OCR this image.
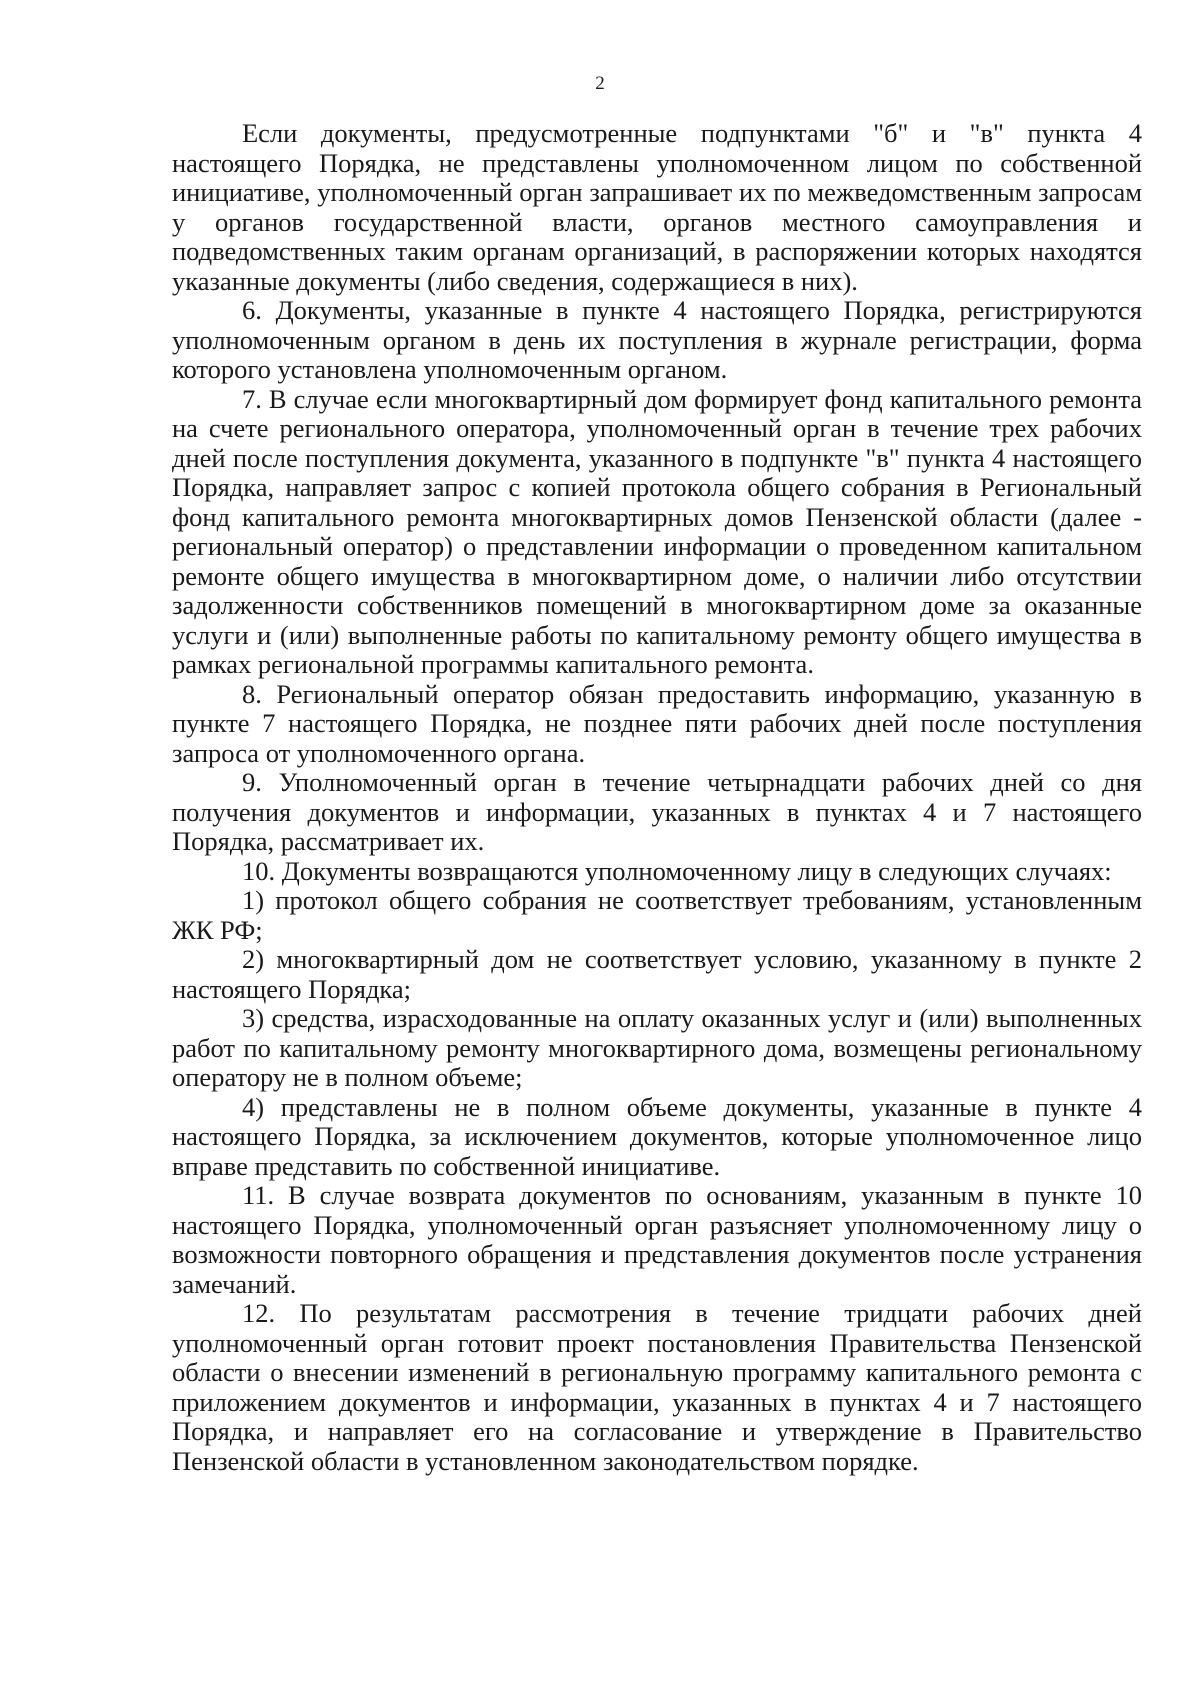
2

Если документы, предусмотренные подпунктами "б" и "в" пункта 4 настоящего Порядка, не представлены уполномоченном лицом по собственной инициативе, уполномоченный орган запрашивает их по межведомственным запросам у органов государственной власти, органов местного самоуправления и подведомственных таким органам организаций, в распоряжении которых находятся указанные документы (либо сведения, содержащиеся в них).

6. Документы, указанные в пункте 4 настоящего Порядка, регистрируются уполномоченным органом в день их поступления в журнале регистрации, форма которого установлена уполномоченным органом.

7. В случае если многоквартирный дом формирует фонд капитального ремонта на счете регионального оператора, уполномоченный орган в течение трех рабочих дней после поступления документа, указанного в подпункте "в" пункта 4 настоящего Порядка, направляет запрос с копией протокола общего собрания в Региональный фонд капитального ремонта многоквартирных домов Пензенской области (далее - региональный оператор) о представлении информации о проведенном капитальном ремонте общего имущества в многоквартирном доме, о наличии либо отсутствии задолженности собственников помещений в многоквартирном доме за оказанные услуги и (или) выполненные работы по капитальному ремонту общего имущества в рамках региональной программы капитального ремонта.

8. Региональный оператор обязан предоставить информацию, указанную в пункте 7 настоящего Порядка, не позднее пяти рабочих дней после поступления запроса от уполномоченного органа.

9. Уполномоченный орган в течение четырнадцати рабочих дней со дня получения документов и информации, указанных в пунктах 4 и 7 настоящего Порядка, рассматривает их.

10. Документы возвращаются уполномоченному лицу в следующих случаях:

1) протокол общего собрания не соответствует требованиям, установленным ЖК РФ;

2) многоквартирный дом не соответствует условию, указанному в пункте 2 настоящего Порядка;

3) средства, израсходованные на оплату оказанных услуг и (или) выполненных работ по капитальному ремонту многоквартирного дома, возмещены региональному оператору не в полном объеме;

4) представлены не в полном объеме документы, указанные в пункте 4 настоящего Порядка, за исключением документов, которые уполномоченное лицо вправе представить по собственной инициативе.

11. В случае возврата документов по основаниям, указанным в пункте 10 настоящего Порядка, уполномоченный орган разъясняет уполномоченному лицу о возможности повторного обращения и представления документов после устранения замечаний.

12. По результатам рассмотрения в течение тридцати рабочих дней уполномоченный орган готовит проект постановления Правительства Пензенской области о внесении изменений в региональную программу капитального ремонта с приложением документов и информации, указанных в пунктах 4 и 7 настоящего Порядка, и направляет его на согласование и утверждение в Правительство Пензенской области в установленном законодательством порядке.
